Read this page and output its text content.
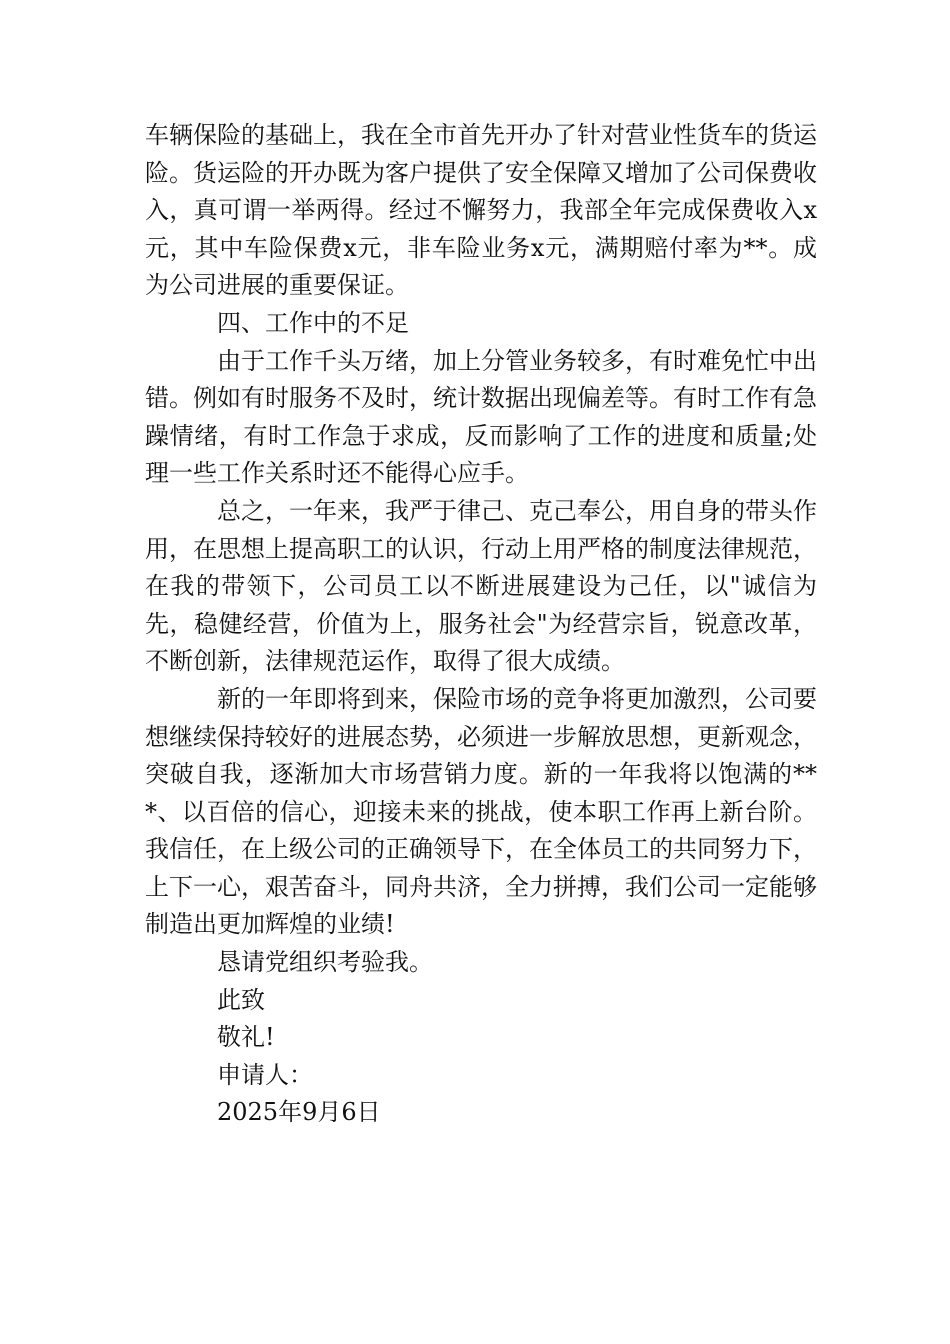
车辆保险的基础上，我在全市首先开办了针对营业性货车的货运险。货运险的开办既为客户提供了安全保障又增加了公司保费收入，真可谓一举两得。经过不懈努力，我部全年完成保费收入x元，其中车险保费x元，非车险业务x元，满期赔付率为**。成为公司进展的重要保证。

四、工作中的不足

由于工作千头万绪，加上分管业务较多，有时难免忙中出错。例如有时服务不及时，统计数据出现偏差等。有时工作有急躁情绪，有时工作急于求成，反而影响了工作的进度和质量;处理一些工作关系时还不能得心应手。

总之，一年来，我严于律己、克己奉公，用自身的带头作用，在思想上提高职工的认识，行动上用严格的制度法律规范，在我的带领下，公司员工以不断进展建设为己任，以"诚信为先，稳健经营，价值为上，服务社会"为经营宗旨，锐意改革，不断创新，法律规范运作，取得了很大成绩。

新的一年即将到来，保险市场的竞争将更加激烈，公司要想继续保持较好的进展态势，必须进一步解放思想，更新观念，突破自我，逐渐加大市场营销力度。新的一年我将以饱满的***、以百倍的信心，迎接未来的挑战，使本职工作再上新台阶。我信任，在上级公司的正确领导下，在全体员工的共同努力下，上下一心，艰苦奋斗，同舟共济，全力拼搏，我们公司一定能够制造出更加辉煌的业绩!

恳请党组织考验我。

此致

敬礼!

申请人：

2025年9月6日
